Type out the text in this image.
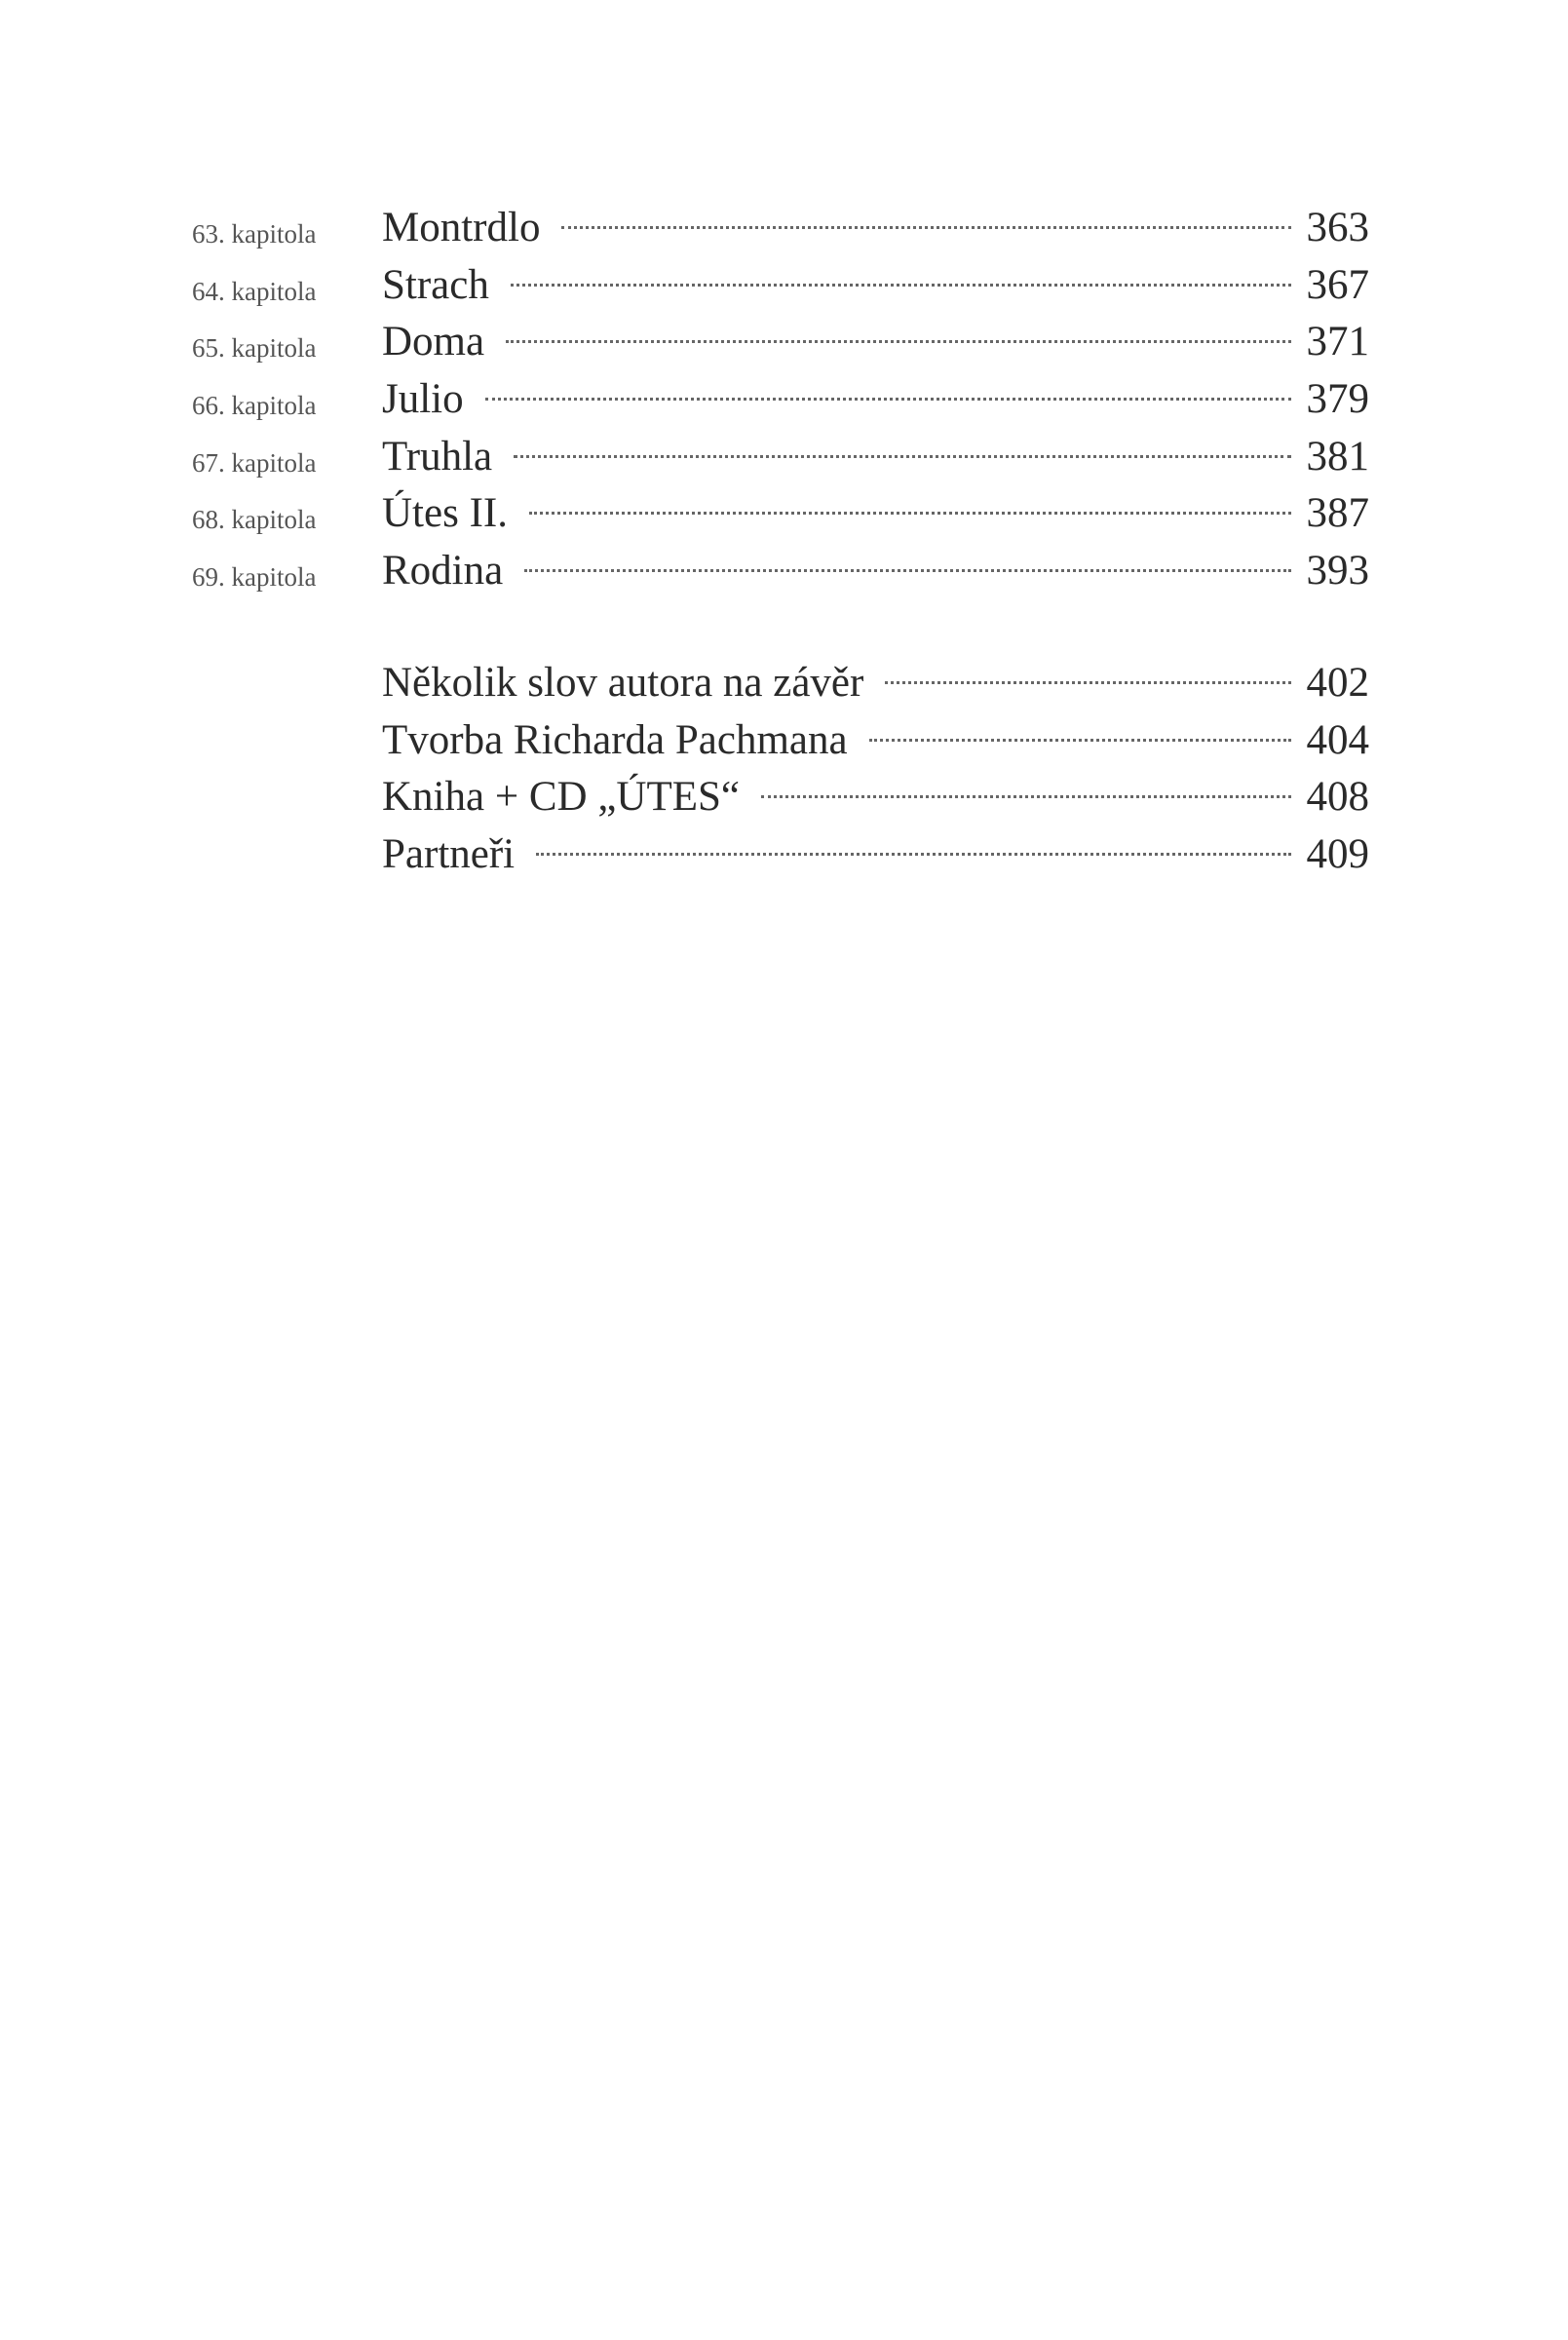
63. kapitola Montrdlo	363
64. kapitola Strach	367
65. kapitola Doma	371
66. kapitola Julio	379
67. kapitola Truhla	381
68. kapitola Útes II.	387
69. kapitola Rodina	393
Několik slov autora na závěr	402
Tvorba Richarda Pachmana	404
Kniha + CD „ÚTES“	408
Partneři	409
